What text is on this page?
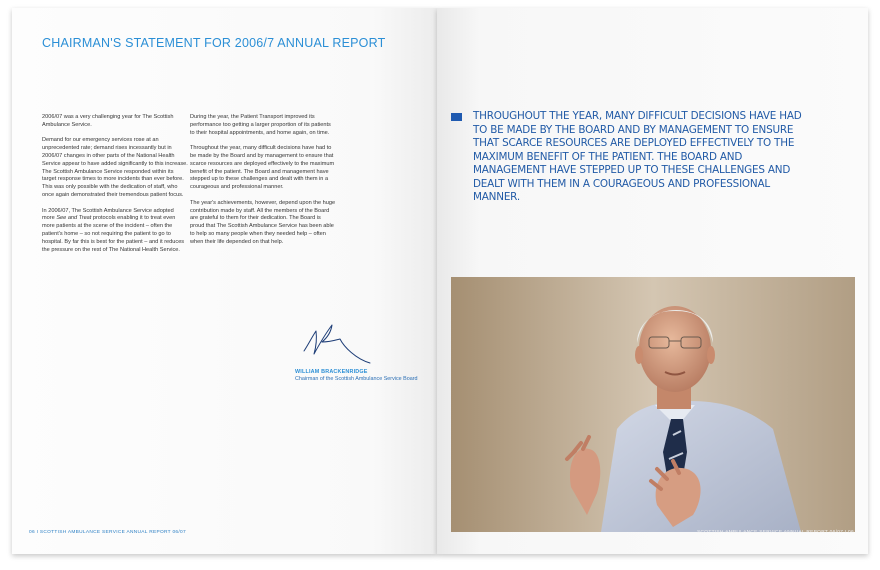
CHAIRMAN'S STATEMENT FOR 2006/7 ANNUAL REPORT

2006/07 was a very challenging year for The Scottish Ambulance Service.

Demand for our emergency services rose at an unprecedented rate; demand rises incessantly but in 2006/07 changes in other parts of the National Health Service appear to have added significantly to this increase. The Scottish Ambulance Service responded within its target response times to more incidents than ever before. This was only possible with the dedication of staff, who once again demonstrated their tremendous patient focus.

In 2006/07, The Scottish Ambulance Service adopted more See and Treat protocols enabling it to treat even more patients at the scene of the incident – often the patient's home – so not requiring the patient to go to hospital. By far this is best for the patient – and it reduces the pressure on the rest of The National Health Service.

During the year, the Patient Transport improved its performance too getting a larger proportion of its patients to their hospital appointments, and home again, on time.

Throughout the year, many difficult decisions have had to be made by the Board and by management to ensure that scarce resources are deployed effectively to the maximum benefit of the patient. The Board and management have stepped up to these challenges and dealt with them in a courageous and professional manner.

The year's achievements, however, depend upon the huge contribution made by staff. All the members of the Board are grateful to them for their dedication. The Board is proud that The Scottish Ambulance Service has been able to help so many people when they needed help – often when their life depended on that help.

WILLIAM BRACKENRIDGE
Chairman of the Scottish Ambulance Service Board
06 I SCOTTISH AMBULANCE SERVICE ANNUAL REPORT 06/07
THROUGHOUT THE YEAR, MANY DIFFICULT DECISIONS HAVE HAD TO BE MADE BY THE BOARD AND BY MANAGEMENT TO ENSURE THAT SCARCE RESOURCES ARE DEPLOYED EFFECTIVELY TO THE MAXIMUM BENEFIT OF THE PATIENT. THE BOARD AND MANAGEMENT HAVE STEPPED UP TO THESE CHALLENGES AND DEALT WITH THEM IN A COURAGEOUS AND PROFESSIONAL MANNER.
SCOTTISH AMBULANCE SERVICE ANNUAL REPORT 06/07 I 06
